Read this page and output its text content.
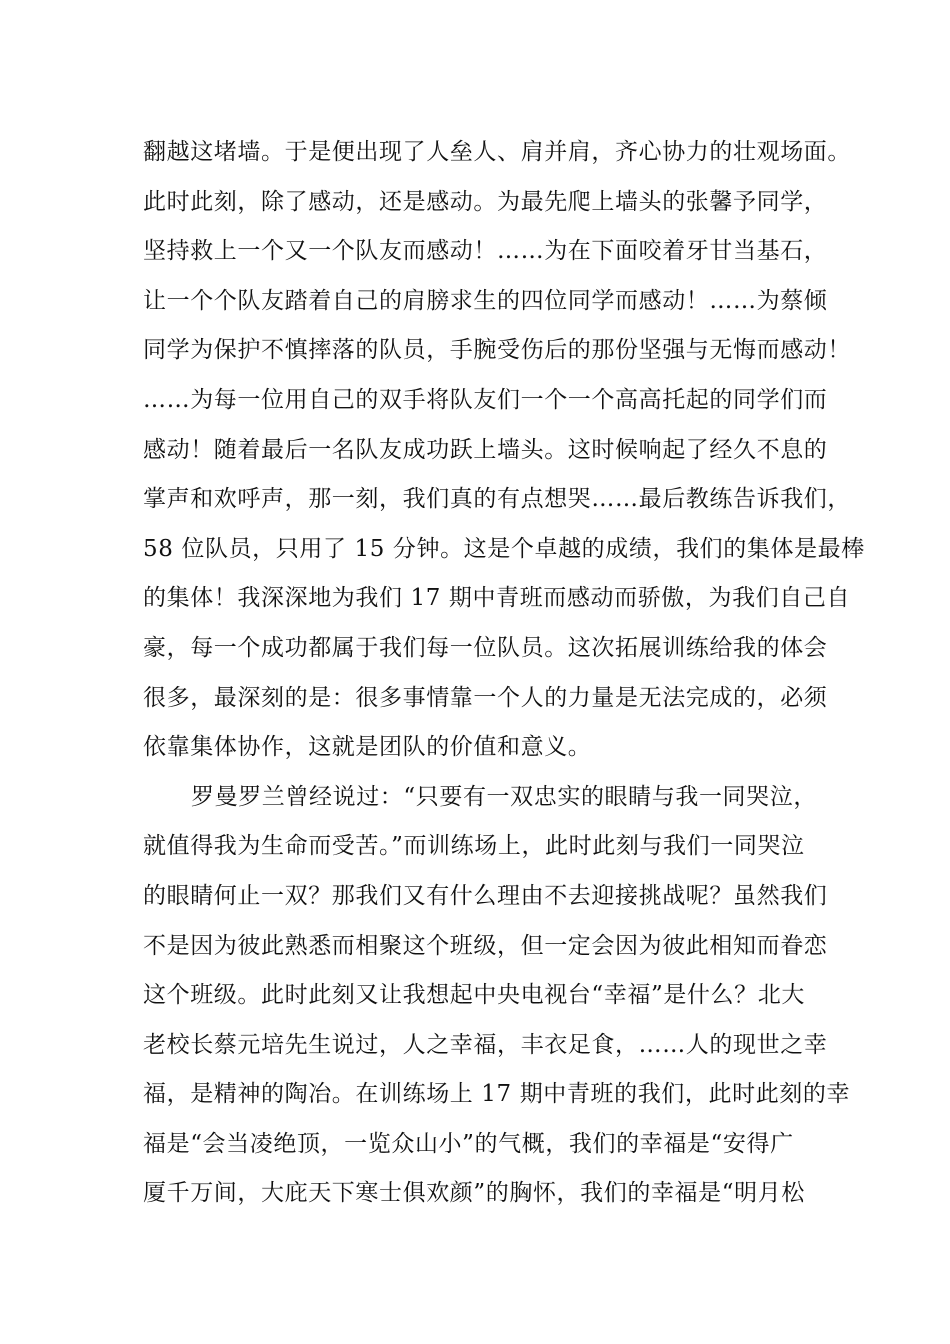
翻越这堵墙。于是便出现了人垒人、肩并肩，齐心协力的壮观场面。
此时此刻，除了感动，还是感动。为最先爬上墙头的张馨予同学，
坚持救上一个又一个队友而感动！……为在下面咬着牙甘当基石，
让一个个队友踏着自己的肩膀求生的四位同学而感动！……为蔡倾
同学为保护不慎摔落的队员，手腕受伤后的那份坚强与无悔而感动！
……为每一位用自己的双手将队友们一个一个高高托起的同学们而
感动！随着最后一名队友成功跃上墙头。这时候响起了经久不息的
掌声和欢呼声，那一刻，我们真的有点想哭……最后教练告诉我们，
58 位队员，只用了 15 分钟。这是个卓越的成绩，我们的集体是最棒
的集体！我深深地为我们 17 期中青班而感动而骄傲，为我们自己自
豪，每一个成功都属于我们每一位队员。这次拓展训练给我的体会
很多，最深刻的是：很多事情靠一个人的力量是无法完成的，必须
依靠集体协作，这就是团队的价值和意义。
罗曼罗兰曾经说过：“只要有一双忠实的眼睛与我一同哭泣，
就值得我为生命而受苦。”而训练场上，此时此刻与我们一同哭泣
的眼睛何止一双？那我们又有什么理由不去迎接挑战呢？虽然我们
不是因为彼此熟悉而相聚这个班级，但一定会因为彼此相知而眷恋
这个班级。此时此刻又让我想起中央电视台“幸福”是什么？北大
老校长蔡元培先生说过，人之幸福，丰衣足食，……人的现世之幸
福，是精神的陶冶。在训练场上 17 期中青班的我们，此时此刻的幸
福是“会当凌绝顶，一览众山小”的气概，我们的幸福是“安得广
厦千万间，大庇天下寒士俱欢颜”的胸怀，我们的幸福是“明月松
